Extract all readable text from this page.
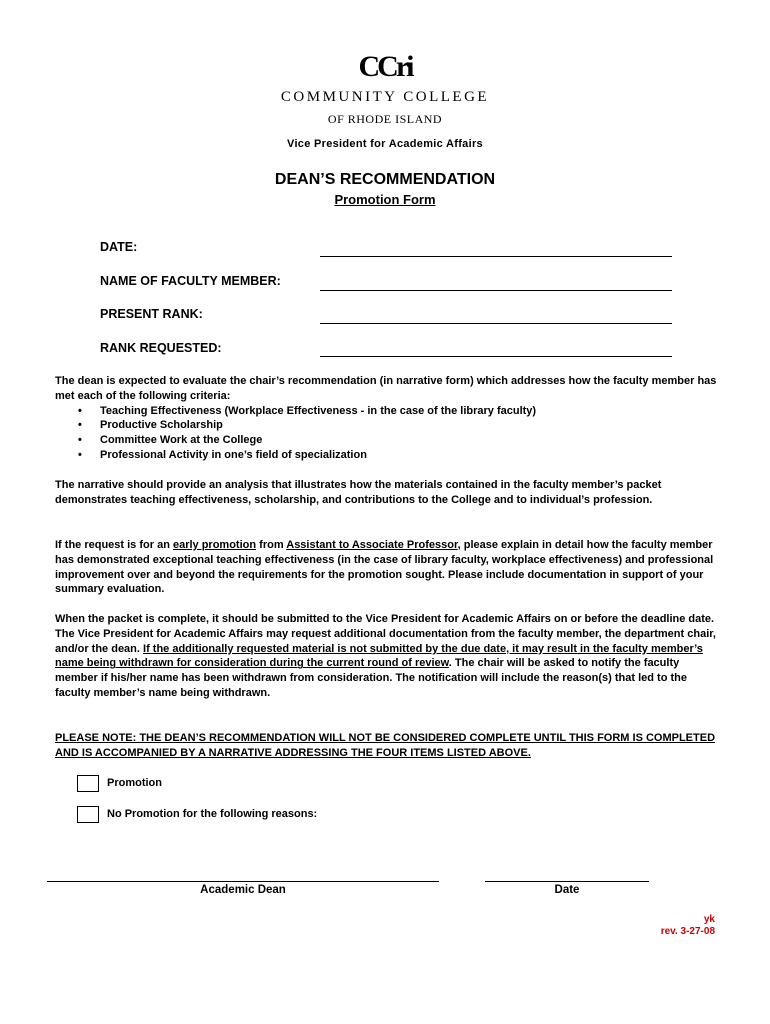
CCri
COMMUNITY COLLEGE
OF RHODE ISLAND
Vice President for Academic Affairs
DEAN’S RECOMMENDATION
Promotion Form
DATE:
NAME OF FACULTY MEMBER:
PRESENT RANK:
RANK REQUESTED:
The dean is expected to evaluate the chair’s recommendation (in narrative form) which addresses how the faculty member has met each of the following criteria:
• Teaching Effectiveness (Workplace Effectiveness - in the case of the library faculty)
• Productive Scholarship
• Committee Work at the College
• Professional Activity in one’s field of specialization
The narrative should provide an analysis that illustrates how the materials contained in the faculty member’s packet demonstrates teaching effectiveness, scholarship, and contributions to the College and to individual’s profession.
If the request is for an early promotion from Assistant to Associate Professor, please explain in detail how the faculty member has demonstrated exceptional teaching effectiveness (in the case of library faculty, workplace effectiveness) and professional improvement over and beyond the requirements for the promotion sought. Please include documentation in support of your summary evaluation.
When the packet is complete, it should be submitted to the Vice President for Academic Affairs on or before the deadline date. The Vice President for Academic Affairs may request additional documentation from the faculty member, the department chair, and/or the dean. If the additionally requested material is not submitted by the due date, it may result in the faculty member’s name being withdrawn for consideration during the current round of review. The chair will be asked to notify the faculty member if his/her name has been withdrawn from consideration. The notification will include the reason(s) that led to the faculty member’s name being withdrawn.
PLEASE NOTE: THE DEAN’S RECOMMENDATION WILL NOT BE CONSIDERED COMPLETE UNTIL THIS FORM IS COMPLETED AND IS ACCOMPANIED BY A NARRATIVE ADDRESSING THE FOUR ITEMS LISTED ABOVE.
Promotion
No Promotion for the following reasons:
Academic Dean	Date
yk
rev. 3-27-08
